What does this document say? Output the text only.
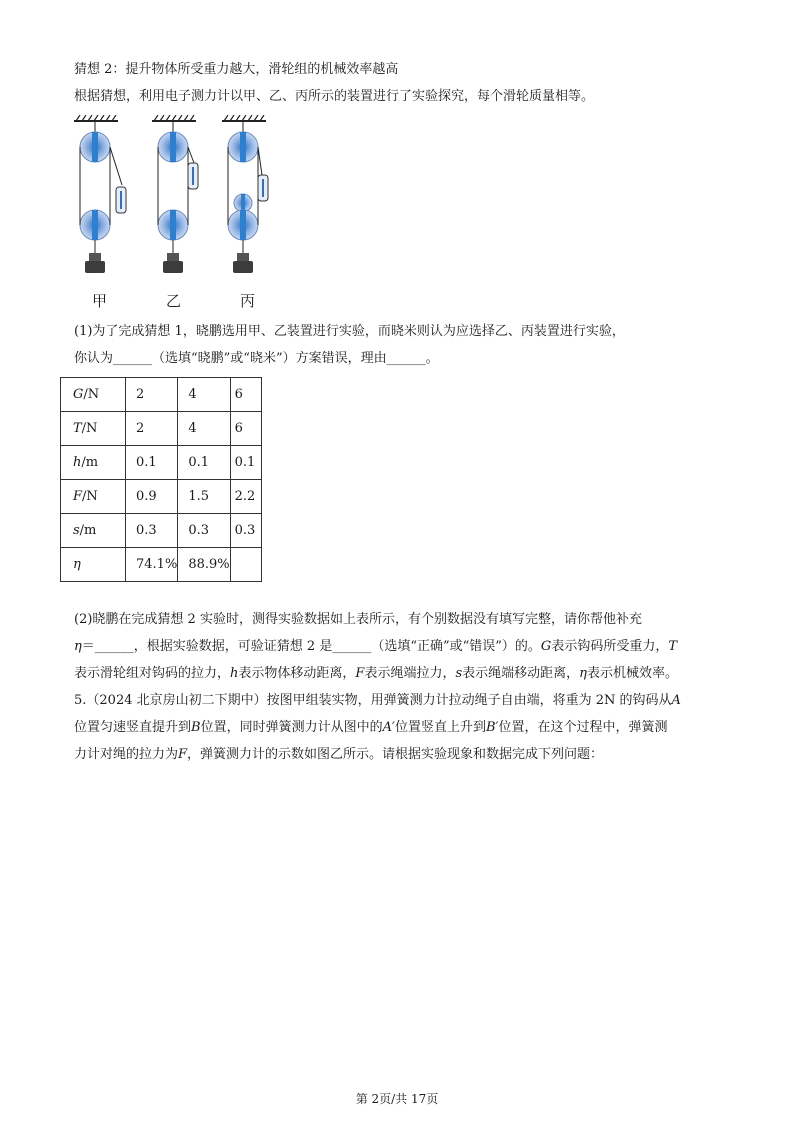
猜想 2：提升物体所受重力越大，滑轮组的机械效率越高
根据猜想，利用电子测力计以甲、乙、丙所示的装置进行了实验探究，每个滑轮质量相等。
甲	乙	丙
(1)为了完成猜想 1，晓鹏选用甲、乙装置进行实验，而晓米则认为应选择乙、丙装置进行实验，
你认为______（选填“晓鹏”或“晓米”）方案错误，理由______。
G/N	2	4	6
T/N	2	4	6
h/m	0.1	0.1	0.1
F/N	0.9	1.5	2.2
s/m	0.3	0.3	0.3
η	74.1%	88.9%	
(2)晓鹏在完成猜想 2 实验时，测得实验数据如上表所示，有个别数据没有填写完整，请你帮他补充
η＝______，根据实验数据，可验证猜想 2 是______（选填“正确”或“错误”）的。G表示钩码所受重力，T
表示滑轮组对钩码的拉力，h表示物体移动距离，F表示绳端拉力，s表示绳端移动距离，η表示机械效率。
5.（2024 北京房山初二下期中）按图甲组装实物，用弹簧测力计拉动绳子自由端，将重为 2N 的钩码从A
位置匀速竖直提升到B位置，同时弹簧测力计从图中的A′位置竖直上升到B′位置，在这个过程中，弹簧测
力计对绳的拉力为F，弹簧测力计的示数如图乙所示。请根据实验现象和数据完成下列问题：
第 2页/共 17页
